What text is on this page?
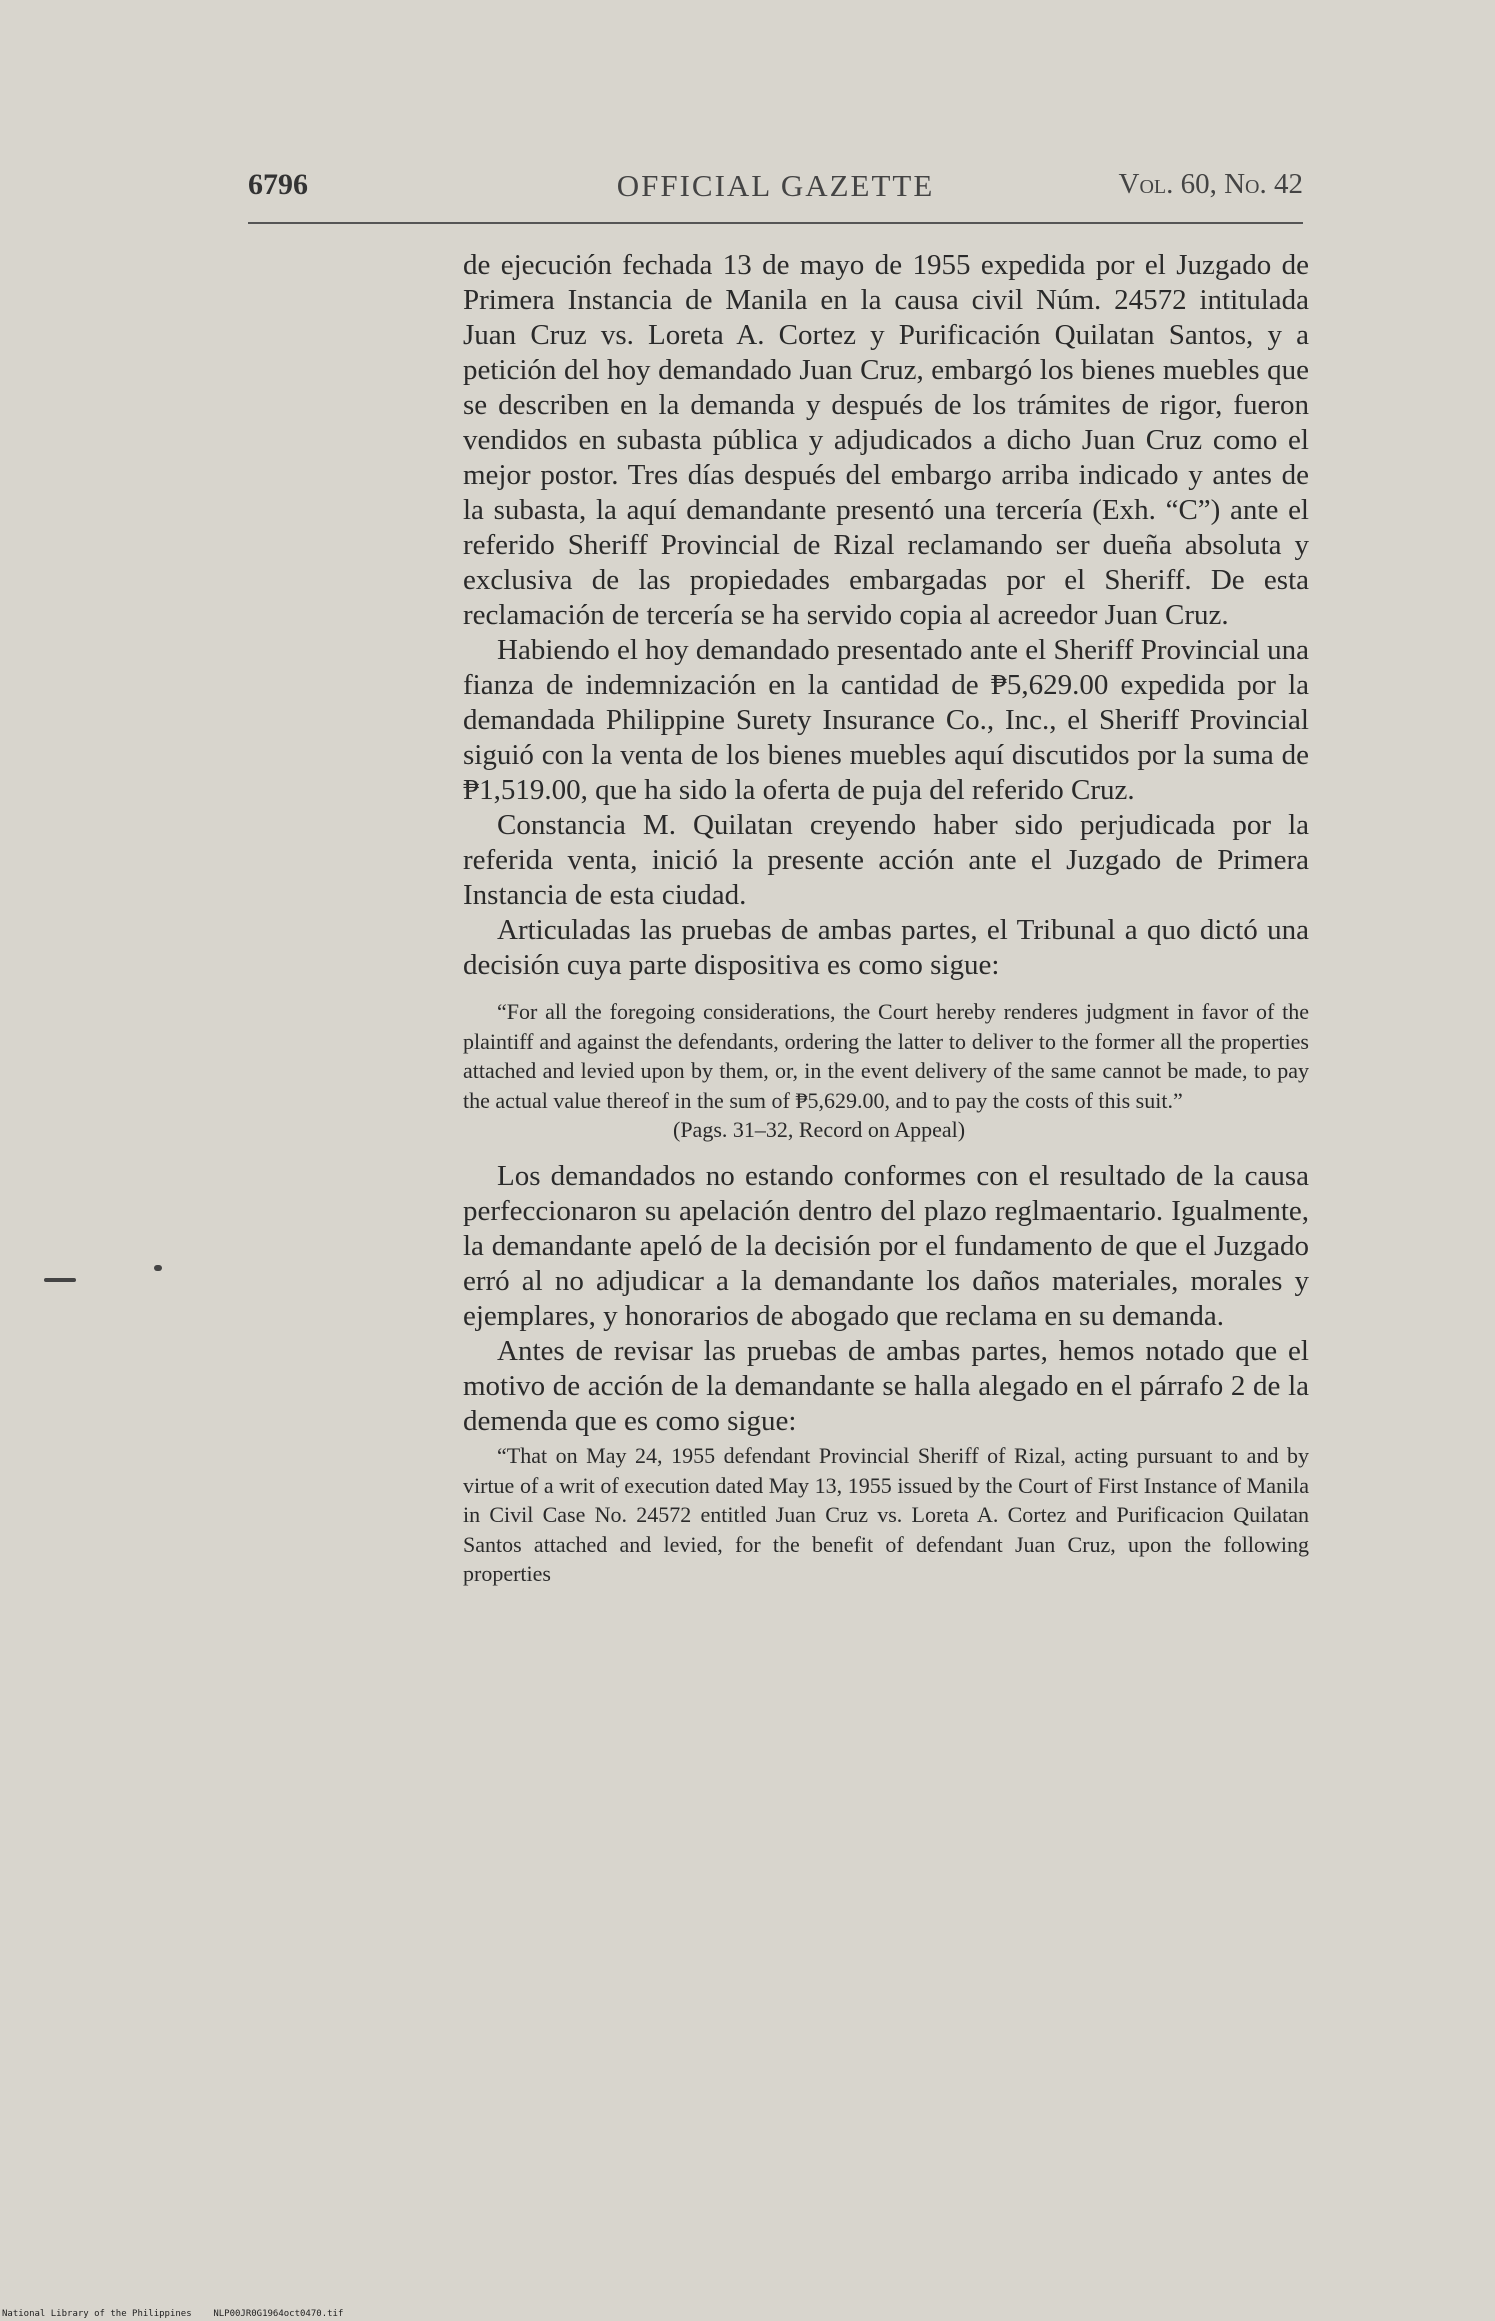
6796	OFFICIAL GAZETTE	Vol. 60, No. 42

de ejecución fechada 13 de mayo de 1955 expedida por el Juzgado de Primera Instancia de Manila en la causa civil Núm. 24572 intitulada Juan Cruz vs. Loreta A. Cortez y Purificación Quilatan Santos, y a petición del hoy demandado Juan Cruz, embargó los bienes muebles que se describen en la demanda y después de los trámites de rigor, fueron vendidos en subasta pública y adjudicados a dicho Juan Cruz como el mejor postor. Tres días después del embargo arriba indicado y antes de la subasta, la aquí demandante presentó una tercería (Exh. “C”) ante el referido Sheriff Provincial de Rizal reclamando ser dueña absoluta y exclusiva de las propiedades embargadas por el Sheriff. De esta reclamación de tercería se ha servido copia al acreedor Juan Cruz.

Habiendo el hoy demandado presentado ante el Sheriff Provincial una fianza de indemnización en la cantidad de ₱5,629.00 expedida por la demandada Philippine Surety Insurance Co., Inc., el Sheriff Provincial siguió con la venta de los bienes muebles aquí discutidos por la suma de ₱1,519.00, que ha sido la oferta de puja del referido Cruz.

Constancia M. Quilatan creyendo haber sido perjudicada por la referida venta, inició la presente acción ante el Juzgado de Primera Instancia de esta ciudad.

Articuladas las pruebas de ambas partes, el Tribunal a quo dictó una decisión cuya parte dispositiva es como sigue:

“For all the foregoing considerations, the Court hereby renderes judgment in favor of the plaintiff and against the defendants, ordering the latter to deliver to the former all the properties attached and levied upon by them, or, in the event delivery of the same cannot be made, to pay the actual value thereof in the sum of ₱5,629.00, and to pay the costs of this suit.”

(Pags. 31–32, Record on Appeal)

Los demandados no estando conformes con el resultado de la causa perfeccionaron su apelación dentro del plazo reglmaentario. Igualmente, la demandante apeló de la decisión por el fundamento de que el Juzgado erró al no adjudicar a la demandante los daños materiales, morales y ejemplares, y honorarios de abogado que reclama en su demanda.

Antes de revisar las pruebas de ambas partes, hemos notado que el motivo de acción de la demandante se halla alegado en el párrafo 2 de la demenda que es como sigue:

“That on May 24, 1955 defendant Provincial Sheriff of Rizal, acting pursuant to and by virtue of a writ of execution dated May 13, 1955 issued by the Court of First Instance of Manila in Civil Case No. 24572 entitled Juan Cruz vs. Loreta A. Cortez and Purificacion Quilatan Santos attached and levied, for the benefit of defendant Juan Cruz, upon the following properties

National Library of the Philippines    NLP00JR0G1964oct0470.tif
